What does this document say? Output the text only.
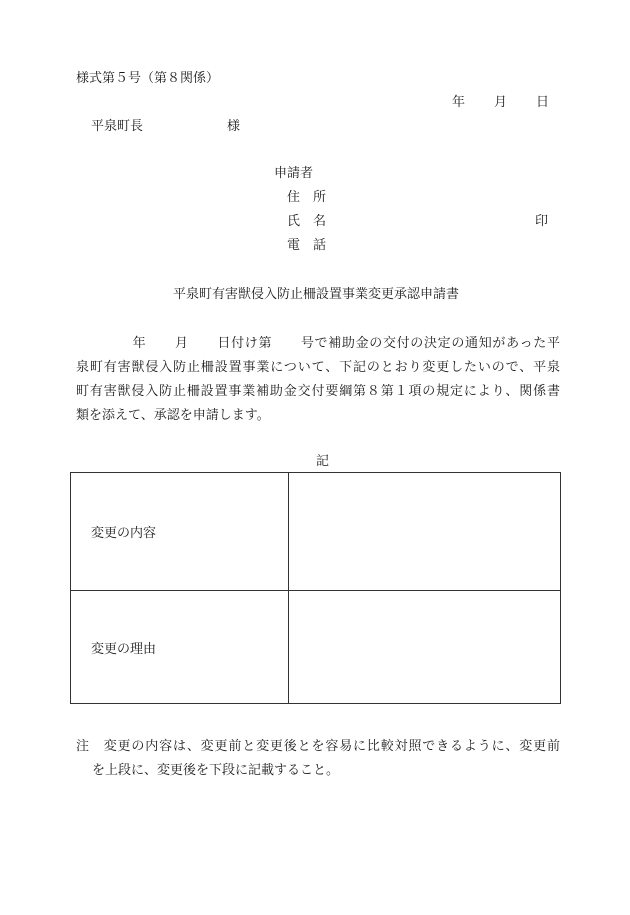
様式第５号（第８関係）
年 月 日
平泉町長	様
申請者
住　所
氏　名	印
電　話
平泉町有害獣侵入防止柵設置事業変更承認申請書
年 月 日付け第 号で補助金の交付の決定の通知があった平
泉町有害獣侵入防止柵設置事業について、下記のとおり変更したいので、平泉
町有害獣侵入防止柵設置事業補助金交付要綱第８第１項の規定により、関係書
類を添えて、承認を申請します。
記
変更の内容	
変更の理由	
注　変更の内容は、変更前と変更後とを容易に比較対照できるように、変更前
を上段に、変更後を下段に記載すること。
